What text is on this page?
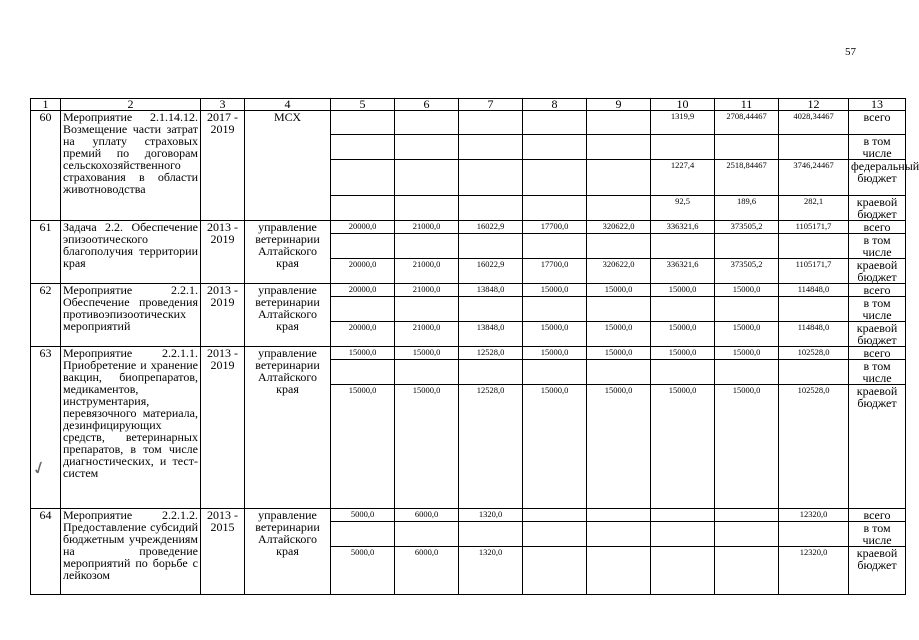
57
1	2	3	4	5	6	7	8	9	10	11	12	13
60	Мероприятие 2.1.14.12. Возмещение части затрат на уплату страховых премий по договорам сельскохозяйственного страхования в области животноводства	2017 - 2019	МСХ						1319,9	2708,44467	4028,34467	всего
												в том числе
									1227,4	2518,84467	3746,24467	федеральный бюджет
									92,5	189,6	282,1	краевой бюджет
61	Задача 2.2. Обеспечение эпизоотического благополучия территории края	2013 - 2019	управление ветеринарии Алтайского края	20000,0	21000,0	16022,9	17700,0	320622,0	336321,6	373505,2	1105171,7	всего
												в том числе
				20000,0	21000,0	16022,9	17700,0	320622,0	336321,6	373505,2	1105171,7	краевой бюджет
62	Мероприятие 2.2.1. Обеспечение проведения противоэпизоотических мероприятий	2013 - 2019	управление ветеринарии Алтайского края	20000,0	21000,0	13848,0	15000,0	15000,0	15000,0	15000,0	114848,0	всего
												в том числе
				20000,0	21000,0	13848,0	15000,0	15000,0	15000,0	15000,0	114848,0	краевой бюджет
63	Мероприятие 2.2.1.1. Приобретение и хранение вакцин, биопрепаратов, медикаментов, инструментария, перевязочного материала, дезинфицирующих средств, ветеринарных препаратов, в том числе диагностических, и тест-систем	2013 - 2019	управление ветеринарии Алтайского края	15000,0	15000,0	12528,0	15000,0	15000,0	15000,0	15000,0	102528,0	всего
												в том числе
				15000,0	15000,0	12528,0	15000,0	15000,0	15000,0	15000,0	102528,0	краевой бюджет
64	Мероприятие 2.2.1.2. Предоставление субсидий бюджетным учреждениям на проведение мероприятий по борьбе с лейкозом	2013 - 2015	управление ветеринарии Алтайского края	5000,0	6000,0	1320,0					12320,0	всего
												в том числе
				5000,0	6000,0	1320,0					12320,0	краевой бюджет
✓
